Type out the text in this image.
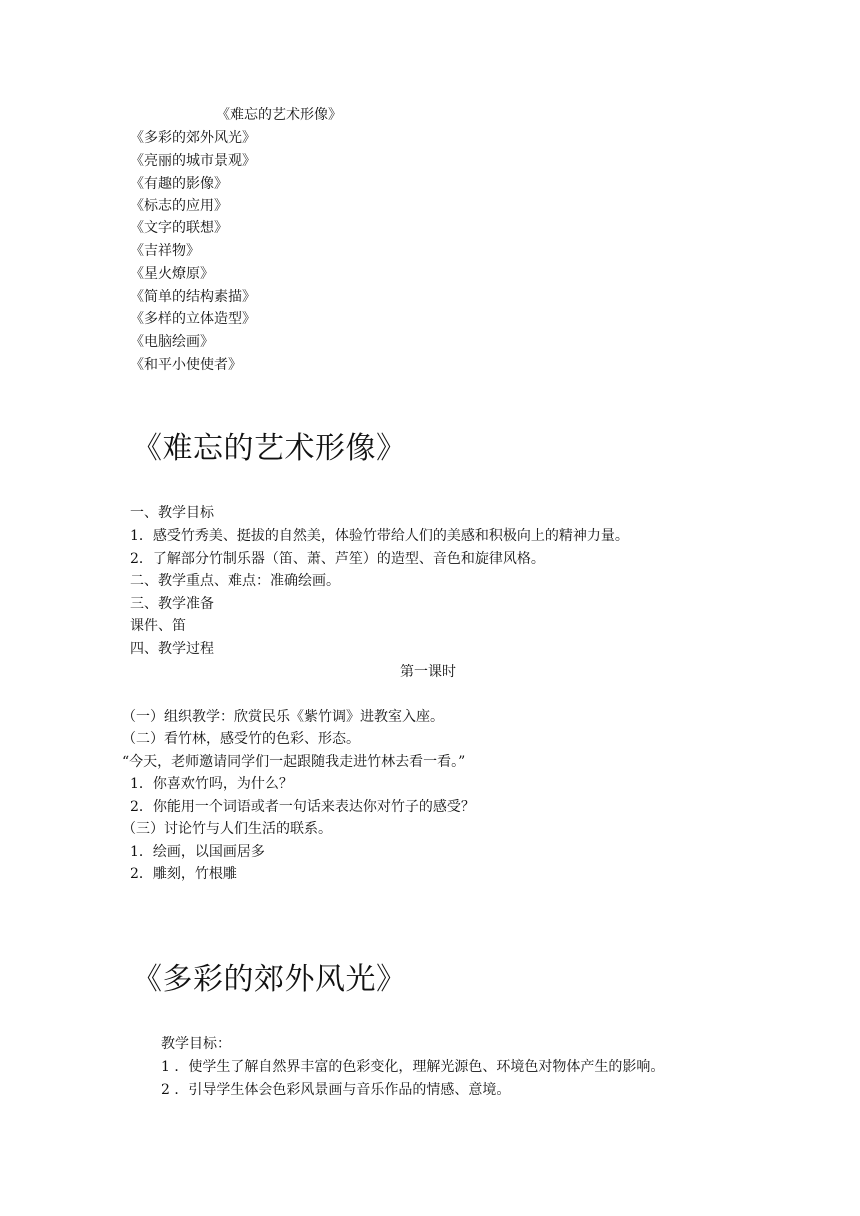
《难忘的艺术形像》
《多彩的郊外风光》
《亮丽的城市景观》
《有趣的影像》
《标志的应用》
《文字的联想》
《吉祥物》
《星火燎原》
《简单的结构素描》
《多样的立体造型》
《电脑绘画》
《和平小使使者》
《难忘的艺术形像》
一、教学目标
1．感受竹秀美、挺拔的自然美，体验竹带给人们的美感和积极向上的精神力量。
2．了解部分竹制乐器（笛、萧、芦笙）的造型、音色和旋律风格。
二、教学重点、难点：准确绘画。
三、教学准备
课件、笛
四、教学过程
第一课时
（一）组织教学：欣赏民乐《紫竹调》进教室入座。
（二）看竹林，感受竹的色彩、形态。
“今天，老师邀请同学们一起跟随我走进竹林去看一看。”
1．你喜欢竹吗，为什么？
2．你能用一个词语或者一句话来表达你对竹子的感受？
（三）讨论竹与人们生活的联系。
1．绘画，以国画居多
2．雕刻，竹根雕
《多彩的郊外风光》
教学目标：
1 ．使学生了解自然界丰富的色彩变化，理解光源色、环境色对物体产生的影响。
2 ．引导学生体会色彩风景画与音乐作品的情感、意境。
